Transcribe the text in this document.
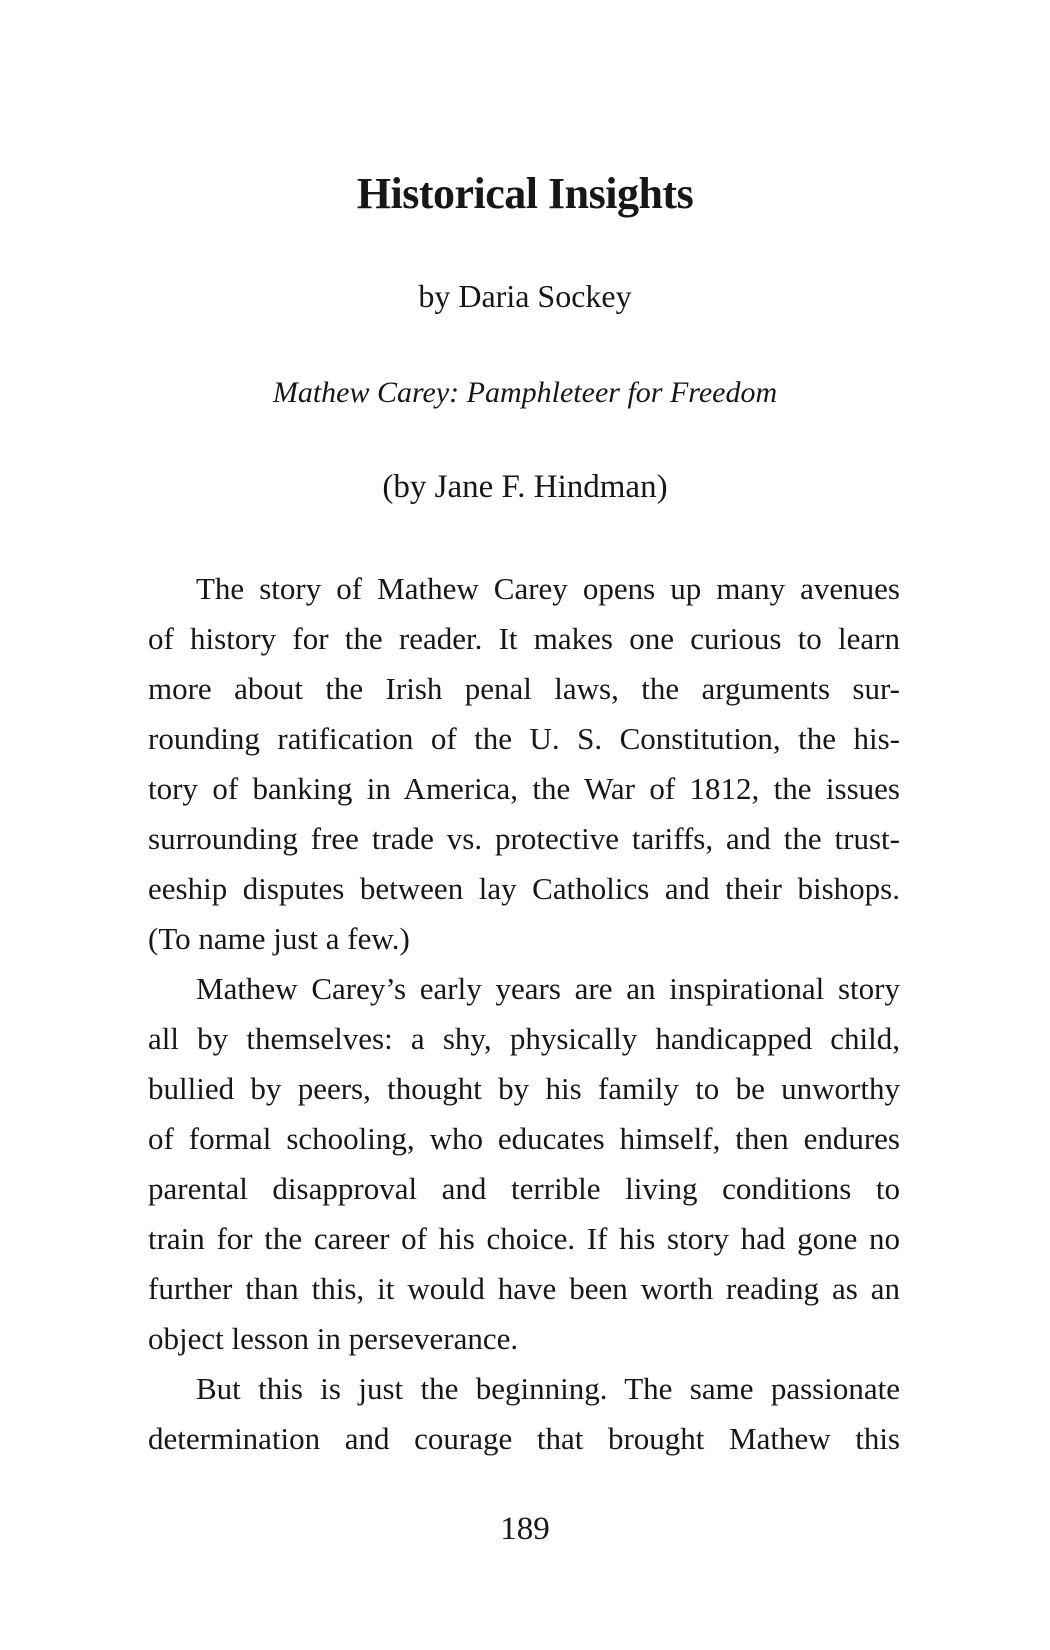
Historical Insights
by Daria Sockey
Mathew Carey: Pamphleteer for Freedom
(by Jane F. Hindman)
The story of Mathew Carey opens up many avenues
of history for the reader. It makes one curious to learn
more about the Irish penal laws, the arguments sur-
rounding ratification of the U. S. Constitution, the his-
tory of banking in America, the War of 1812, the issues
surrounding free trade vs. protective tariffs, and the trust-
eeship disputes between lay Catholics and their bishops.
(To name just a few.)
Mathew Carey’s early years are an inspirational story
all by themselves: a shy, physically handicapped child,
bullied by peers, thought by his family to be unworthy
of formal schooling, who educates himself, then endures
parental disapproval and terrible living conditions to
train for the career of his choice. If his story had gone no
further than this, it would have been worth reading as an
object lesson in perseverance.
But this is just the beginning. The same passionate
determination and courage that brought Mathew this
189
